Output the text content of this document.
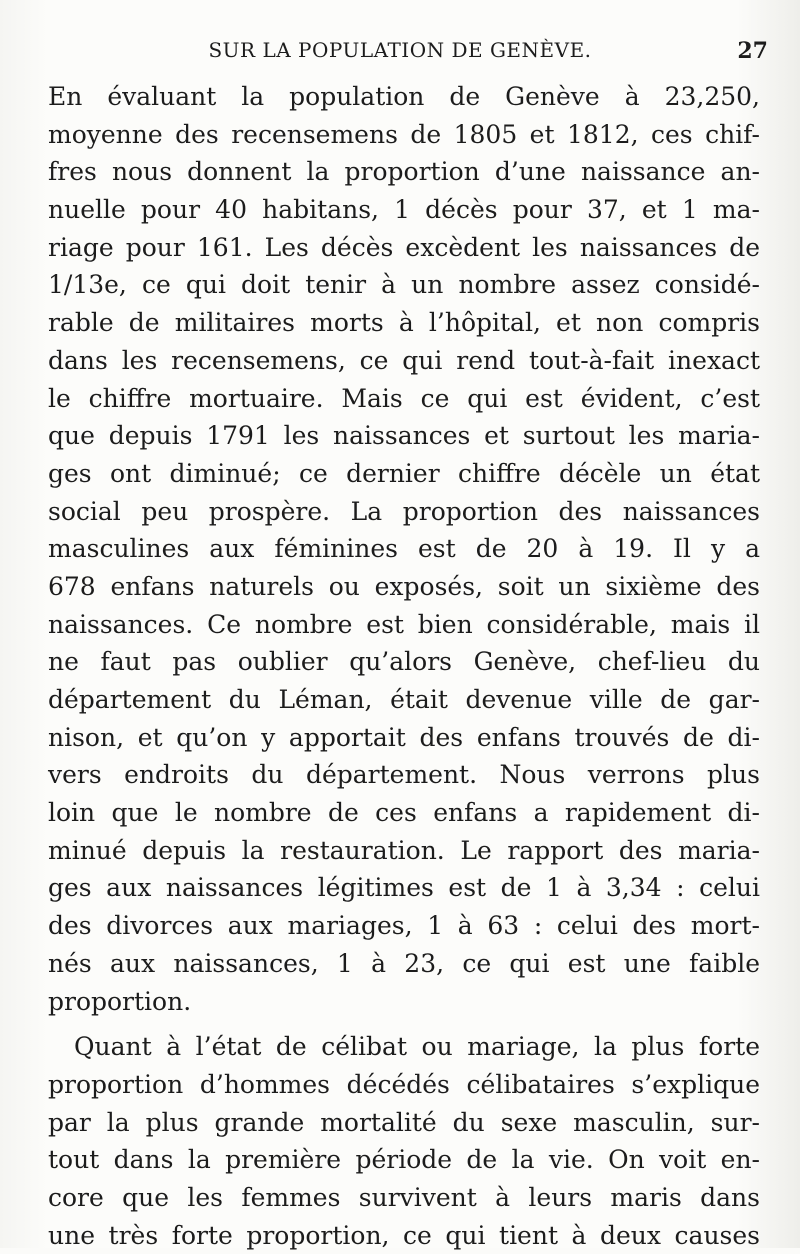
SUR LA POPULATION DE GENÈVE.	27
En évaluant la population de Genève à 23,250,
moyenne des recensemens de 1805 et 1812, ces chif-
fres nous donnent la proportion d’une naissance an-
nuelle pour 40 habitans, 1 décès pour 37, et 1 ma-
riage pour 161. Les décès excèdent les naissances de
1/13e, ce qui doit tenir à un nombre assez considé-
rable de militaires morts à l’hôpital, et non compris
dans les recensemens, ce qui rend tout-à-fait inexact
le chiffre mortuaire. Mais ce qui est évident, c’est
que depuis 1791 les naissances et surtout les maria-
ges ont diminué; ce dernier chiffre décèle un état
social peu prospère. La proportion des naissances
masculines aux féminines est de 20 à 19. Il y a
678 enfans naturels ou exposés, soit un sixième des
naissances. Ce nombre est bien considérable, mais il
ne faut pas oublier qu’alors Genève, chef-lieu du
département du Léman, était devenue ville de gar-
nison, et qu’on y apportait des enfans trouvés de di-
vers endroits du département. Nous verrons plus
loin que le nombre de ces enfans a rapidement di-
minué depuis la restauration. Le rapport des maria-
ges aux naissances légitimes est de 1 à 3,34 : celui
des divorces aux mariages, 1 à 63 : celui des mort-
nés aux naissances, 1 à 23, ce qui est une faible
proportion.
Quant à l’état de célibat ou mariage, la plus forte
proportion d’hommes décédés célibataires s’explique
par la plus grande mortalité du sexe masculin, sur-
tout dans la première période de la vie. On voit en-
core que les femmes survivent à leurs maris dans
une très forte proportion, ce qui tient à deux causes
